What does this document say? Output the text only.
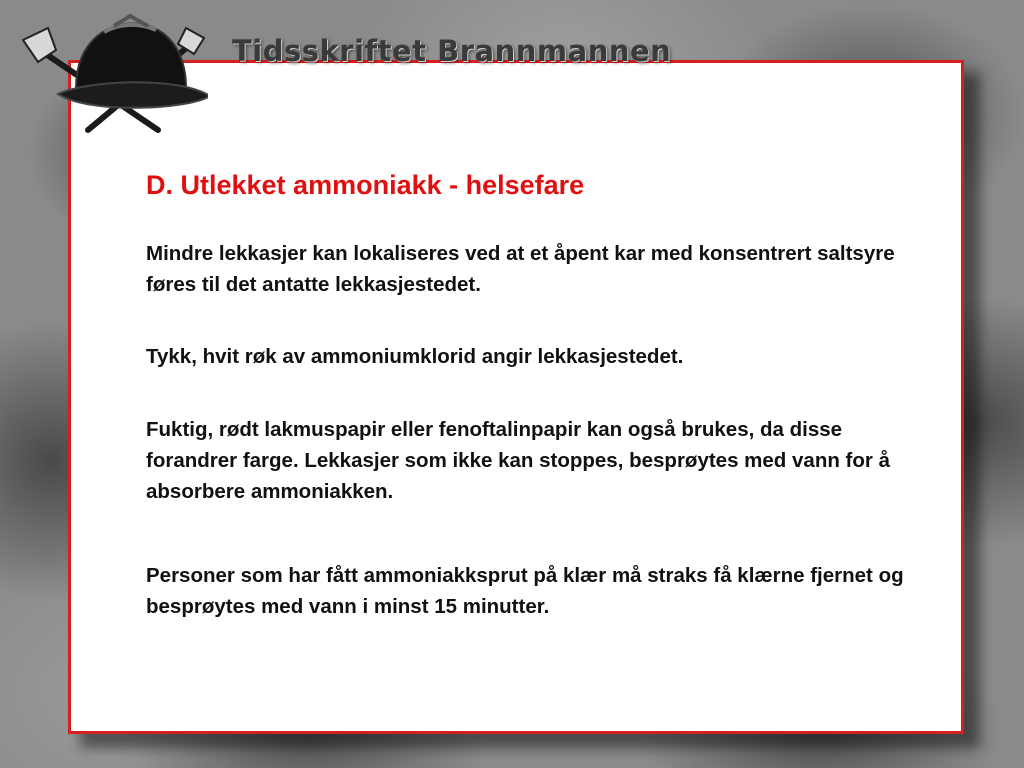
Tidsskriftet Brannmannen
D. Utlekket ammoniakk - helsefare

Mindre lekkasjer kan lokaliseres ved at et åpent kar med konsentrert saltsyre føres til det antatte lekkasjestedet.

Tykk, hvit røk av ammoniumklorid angir lekkasjestedet.

Fuktig, rødt lakmuspapir eller fenoftalinpapir kan også brukes, da disse forandrer farge. Lekkasjer som ikke kan stoppes, besprøytes med vann for å absorbere ammoniakken.

Personer som har fått ammoniakksprut på klær må straks få klærne fjernet og besprøytes med vann i minst 15 minutter.
